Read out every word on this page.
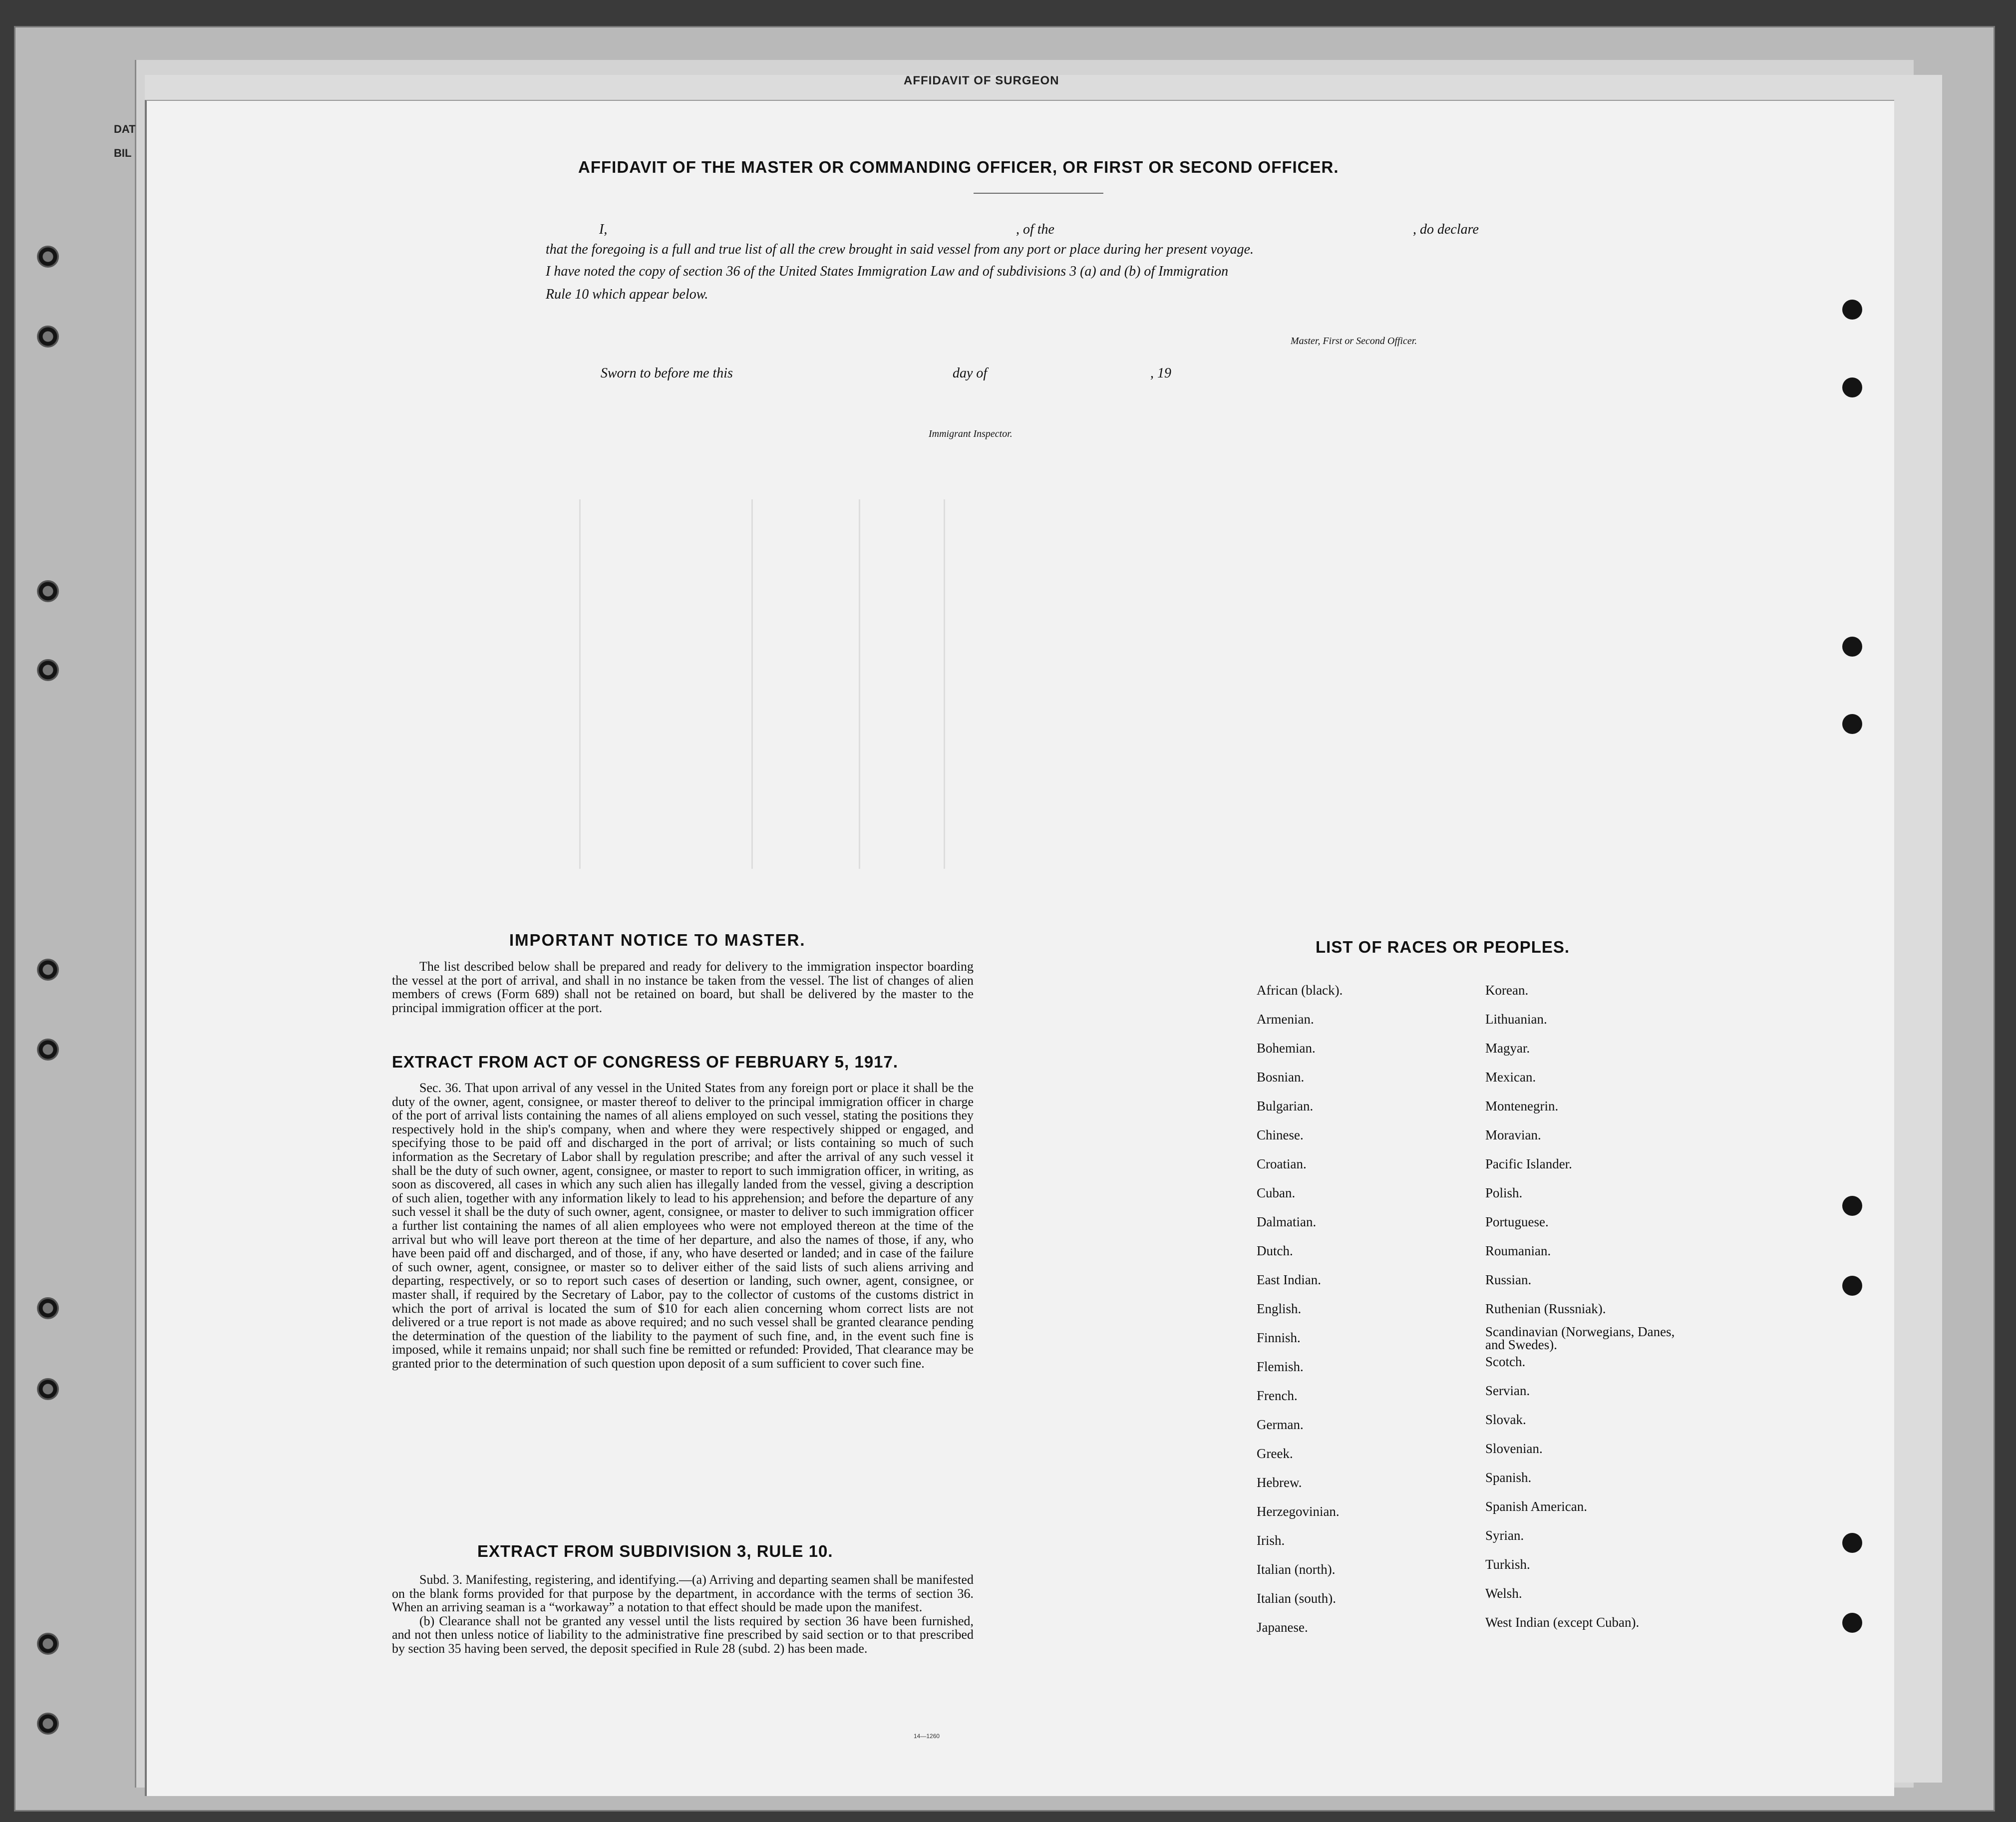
AFFIDAVIT OF SURGEON
DAT
BIL
AFFIDAVIT OF THE MASTER OR COMMANDING OFFICER, OR FIRST OR SECOND OFFICER.
I,	, of the	, do declare
that the foregoing is a full and true list of all the crew brought in said vessel from any port or place during her present voyage.
I have noted the copy of section 36 of the United States Immigration Law and of subdivisions 3 (a) and (b) of Immigration
Rule 10 which appear below.
Master, First or Second Officer.
Sworn to before me this	day of	, 19
Immigrant Inspector.
IMPORTANT NOTICE TO MASTER.

The list described below shall be prepared and ready for delivery to the immigration inspector boarding the vessel at the port of arrival, and shall in no instance be taken from the vessel. The list of changes of alien members of crews (Form 689) shall not be retained on board, but shall be delivered by the master to the principal immigration officer at the port.

EXTRACT FROM ACT OF CONGRESS OF FEBRUARY 5, 1917.

Sec. 36. That upon arrival of any vessel in the United States from any foreign port or place it shall be the duty of the owner, agent, consignee, or master thereof to deliver to the principal immigration officer in charge of the port of arrival lists containing the names of all aliens employed on such vessel, stating the positions they respectively hold in the ship's company, when and where they were respectively shipped or engaged, and specifying those to be paid off and discharged in the port of arrival; or lists containing so much of such information as the Secretary of Labor shall by regulation prescribe; and after the arrival of any such vessel it shall be the duty of such owner, agent, consignee, or master to report to such immigration officer, in writing, as soon as discovered, all cases in which any such alien has illegally landed from the vessel, giving a description of such alien, together with any information likely to lead to his apprehension; and before the departure of any such vessel it shall be the duty of such owner, agent, consignee, or master to deliver to such immigration officer a further list containing the names of all alien employees who were not employed thereon at the time of the arrival but who will leave port thereon at the time of her departure, and also the names of those, if any, who have been paid off and discharged, and of those, if any, who have deserted or landed; and in case of the failure of such owner, agent, consignee, or master so to deliver either of the said lists of such aliens arriving and departing, respectively, or so to report such cases of desertion or landing, such owner, agent, consignee, or master shall, if required by the Secretary of Labor, pay to the collector of customs of the customs district in which the port of arrival is located the sum of $10 for each alien concerning whom correct lists are not delivered or a true report is not made as above required; and no such vessel shall be granted clearance pending the determination of the question of the liability to the payment of such fine, and, in the event such fine is imposed, while it remains unpaid; nor shall such fine be remitted or refunded: Provided, That clearance may be granted prior to the determination of such question upon deposit of a sum sufficient to cover such fine.

EXTRACT FROM SUBDIVISION 3, RULE 10.

Subd. 3. Manifesting, registering, and identifying.—(a) Arriving and departing seamen shall be manifested on the blank forms provided for that purpose by the department, in accordance with the terms of section 36. When an arriving seaman is a “workaway” a notation to that effect should be made upon the manifest.

(b) Clearance shall not be granted any vessel until the lists required by section 36 have been furnished, and not then unless notice of liability to the administrative fine prescribed by said section or to that prescribed by section 35 having been served, the deposit specified in Rule 28 (subd. 2) has been made.

14—1260
LIST OF RACES OR PEOPLES.
African (black).
Armenian.
Bohemian.
Bosnian.
Bulgarian.
Chinese.
Croatian.
Cuban.
Dalmatian.
Dutch.
East Indian.
English.
Finnish.
Flemish.
French.
German.
Greek.
Hebrew.
Herzegovinian.
Irish.
Italian (north).
Italian (south).
Japanese.
Korean.
Lithuanian.
Magyar.
Mexican.
Montenegrin.
Moravian.
Pacific Islander.
Polish.
Portuguese.
Roumanian.
Russian.
Ruthenian (Russniak).
Scandinavian (Norwegians, Danes, and Swedes).
Scotch.
Servian.
Slovak.
Slovenian.
Spanish.
Spanish American.
Syrian.
Turkish.
Welsh.
West Indian (except Cuban).
